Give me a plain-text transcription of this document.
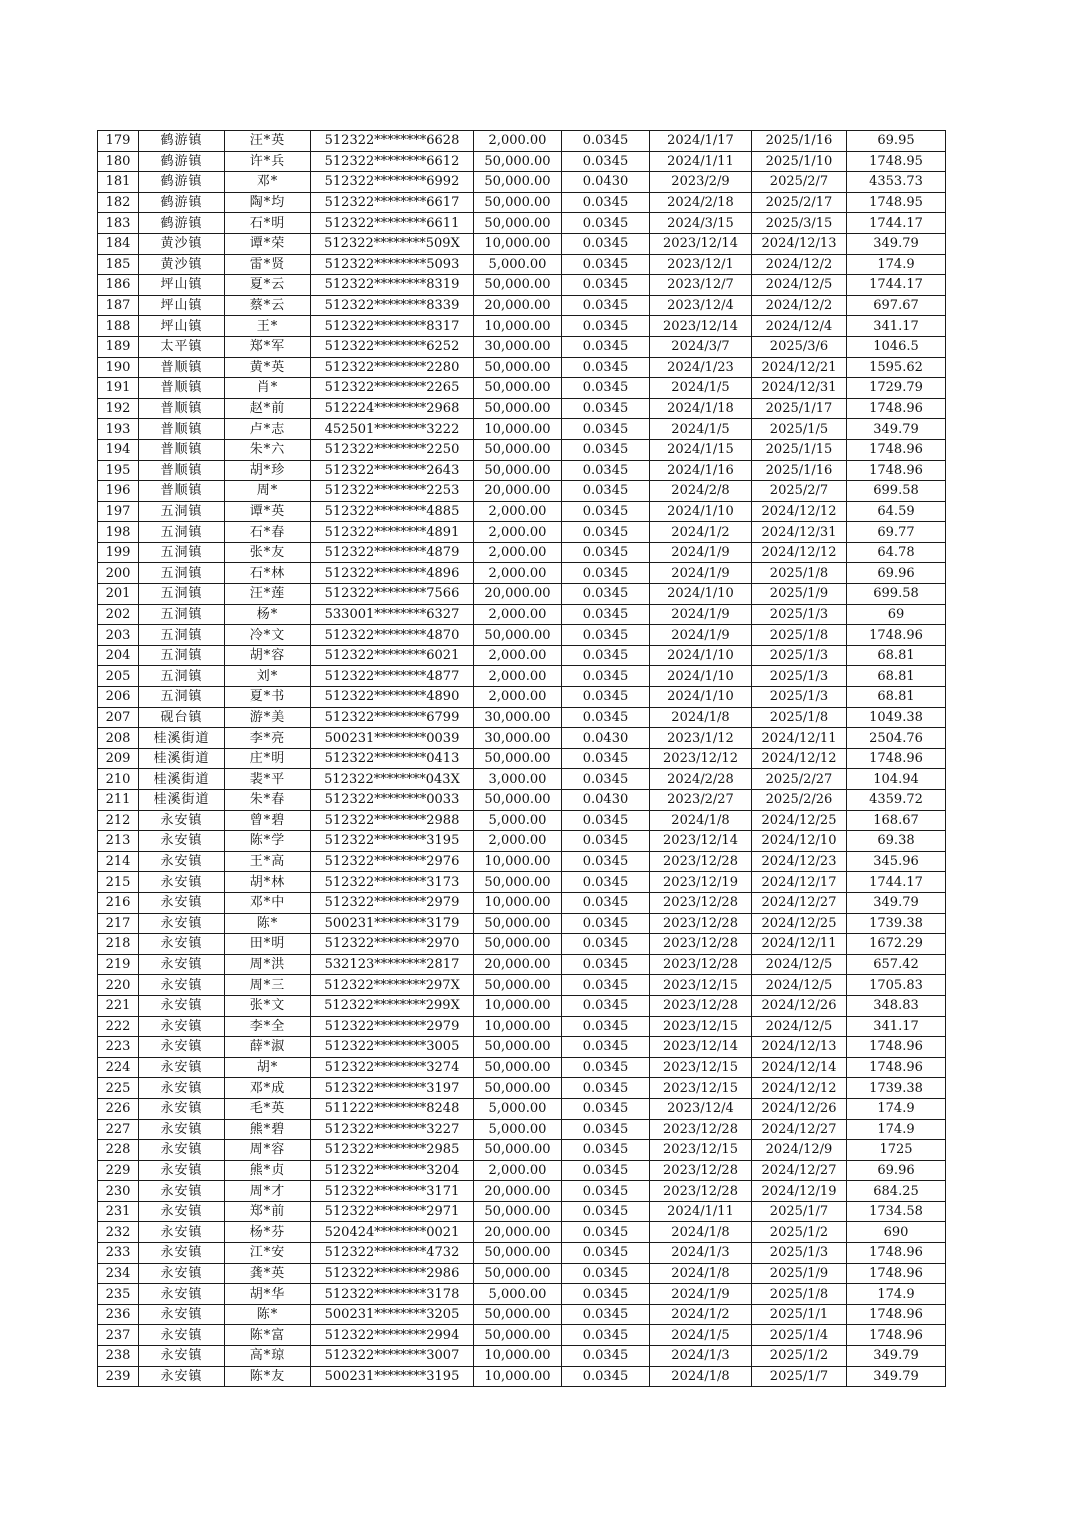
179	鹤游镇	汪*英	512322********6628	2,000.00	0.0345	2024/1/17	2025/1/16	69.95
180	鹤游镇	许*兵	512322********6612	50,000.00	0.0345	2024/1/11	2025/1/10	1748.95
181	鹤游镇	邓*	512322********6992	50,000.00	0.0430	2023/2/9	2025/2/7	4353.73
182	鹤游镇	陶*均	512322********6617	50,000.00	0.0345	2024/2/18	2025/2/17	1748.95
183	鹤游镇	石*明	512322********6611	50,000.00	0.0345	2024/3/15	2025/3/15	1744.17
184	黄沙镇	谭*荣	512322********509X	10,000.00	0.0345	2023/12/14	2024/12/13	349.79
185	黄沙镇	雷*贤	512322********5093	5,000.00	0.0345	2023/12/1	2024/12/2	174.9
186	坪山镇	夏*云	512322********8319	50,000.00	0.0345	2023/12/7	2024/12/5	1744.17
187	坪山镇	蔡*云	512322********8339	20,000.00	0.0345	2023/12/4	2024/12/2	697.67
188	坪山镇	王*	512322********8317	10,000.00	0.0345	2023/12/14	2024/12/4	341.17
189	太平镇	郑*军	512322********6252	30,000.00	0.0345	2024/3/7	2025/3/6	1046.5
190	普顺镇	黄*英	512322********2280	50,000.00	0.0345	2024/1/23	2024/12/21	1595.62
191	普顺镇	肖*	512322********2265	50,000.00	0.0345	2024/1/5	2024/12/31	1729.79
192	普顺镇	赵*前	512224********2968	50,000.00	0.0345	2024/1/18	2025/1/17	1748.96
193	普顺镇	卢*志	452501********3222	10,000.00	0.0345	2024/1/5	2025/1/5	349.79
194	普顺镇	朱*六	512322********2250	50,000.00	0.0345	2024/1/15	2025/1/15	1748.96
195	普顺镇	胡*珍	512322********2643	50,000.00	0.0345	2024/1/16	2025/1/16	1748.96
196	普顺镇	周*	512322********2253	20,000.00	0.0345	2024/2/8	2025/2/7	699.58
197	五洞镇	谭*英	512322********4885	2,000.00	0.0345	2024/1/10	2024/12/12	64.59
198	五洞镇	石*春	512322********4891	2,000.00	0.0345	2024/1/2	2024/12/31	69.77
199	五洞镇	张*友	512322********4879	2,000.00	0.0345	2024/1/9	2024/12/12	64.78
200	五洞镇	石*林	512322********4896	2,000.00	0.0345	2024/1/9	2025/1/8	69.96
201	五洞镇	汪*莲	512322********7566	20,000.00	0.0345	2024/1/10	2025/1/9	699.58
202	五洞镇	杨*	533001********6327	2,000.00	0.0345	2024/1/9	2025/1/3	69
203	五洞镇	冷*文	512322********4870	50,000.00	0.0345	2024/1/9	2025/1/8	1748.96
204	五洞镇	胡*容	512322********6021	2,000.00	0.0345	2024/1/10	2025/1/3	68.81
205	五洞镇	刘*	512322********4877	2,000.00	0.0345	2024/1/10	2025/1/3	68.81
206	五洞镇	夏*书	512322********4890	2,000.00	0.0345	2024/1/10	2025/1/3	68.81
207	砚台镇	游*美	512322********6799	30,000.00	0.0345	2024/1/8	2025/1/8	1049.38
208	桂溪街道	李*亮	500231********0039	30,000.00	0.0430	2023/1/12	2024/12/11	2504.76
209	桂溪街道	庄*明	512322********0413	50,000.00	0.0345	2023/12/12	2024/12/12	1748.96
210	桂溪街道	裴*平	512322********043X	3,000.00	0.0345	2024/2/28	2025/2/27	104.94
211	桂溪街道	朱*春	512322********0033	50,000.00	0.0430	2023/2/27	2025/2/26	4359.72
212	永安镇	曾*碧	512322********2988	5,000.00	0.0345	2024/1/8	2024/12/25	168.67
213	永安镇	陈*学	512322********3195	2,000.00	0.0345	2023/12/14	2024/12/10	69.38
214	永安镇	王*高	512322********2976	10,000.00	0.0345	2023/12/28	2024/12/23	345.96
215	永安镇	胡*林	512322********3173	50,000.00	0.0345	2023/12/19	2024/12/17	1744.17
216	永安镇	邓*中	512322********2979	10,000.00	0.0345	2023/12/28	2024/12/27	349.79
217	永安镇	陈*	500231********3179	50,000.00	0.0345	2023/12/28	2024/12/25	1739.38
218	永安镇	田*明	512322********2970	50,000.00	0.0345	2023/12/28	2024/12/11	1672.29
219	永安镇	周*洪	532123********2817	20,000.00	0.0345	2023/12/28	2024/12/5	657.42
220	永安镇	周*三	512322********297X	50,000.00	0.0345	2023/12/15	2024/12/5	1705.83
221	永安镇	张*文	512322********299X	10,000.00	0.0345	2023/12/28	2024/12/26	348.83
222	永安镇	李*全	512322********2979	10,000.00	0.0345	2023/12/15	2024/12/5	341.17
223	永安镇	薛*淑	512322********3005	50,000.00	0.0345	2023/12/14	2024/12/13	1748.96
224	永安镇	胡*	512322********3274	50,000.00	0.0345	2023/12/15	2024/12/14	1748.96
225	永安镇	邓*成	512322********3197	50,000.00	0.0345	2023/12/15	2024/12/12	1739.38
226	永安镇	毛*英	511222********8248	5,000.00	0.0345	2023/12/4	2024/12/26	174.9
227	永安镇	熊*碧	512322********3227	5,000.00	0.0345	2023/12/28	2024/12/27	174.9
228	永安镇	周*容	512322********2985	50,000.00	0.0345	2023/12/15	2024/12/9	1725
229	永安镇	熊*贞	512322********3204	2,000.00	0.0345	2023/12/28	2024/12/27	69.96
230	永安镇	周*才	512322********3171	20,000.00	0.0345	2023/12/28	2024/12/19	684.25
231	永安镇	郑*前	512322********2971	50,000.00	0.0345	2024/1/11	2025/1/7	1734.58
232	永安镇	杨*芬	520424********0021	20,000.00	0.0345	2024/1/8	2025/1/2	690
233	永安镇	江*安	512322********4732	50,000.00	0.0345	2024/1/3	2025/1/3	1748.96
234	永安镇	龚*英	512322********2986	50,000.00	0.0345	2024/1/8	2025/1/9	1748.96
235	永安镇	胡*华	512322********3178	5,000.00	0.0345	2024/1/9	2025/1/8	174.9
236	永安镇	陈*	500231********3205	50,000.00	0.0345	2024/1/2	2025/1/1	1748.96
237	永安镇	陈*富	512322********2994	50,000.00	0.0345	2024/1/5	2025/1/4	1748.96
238	永安镇	高*琼	512322********3007	10,000.00	0.0345	2024/1/3	2025/1/2	349.79
239	永安镇	陈*友	500231********3195	10,000.00	0.0345	2024/1/8	2025/1/7	349.79
